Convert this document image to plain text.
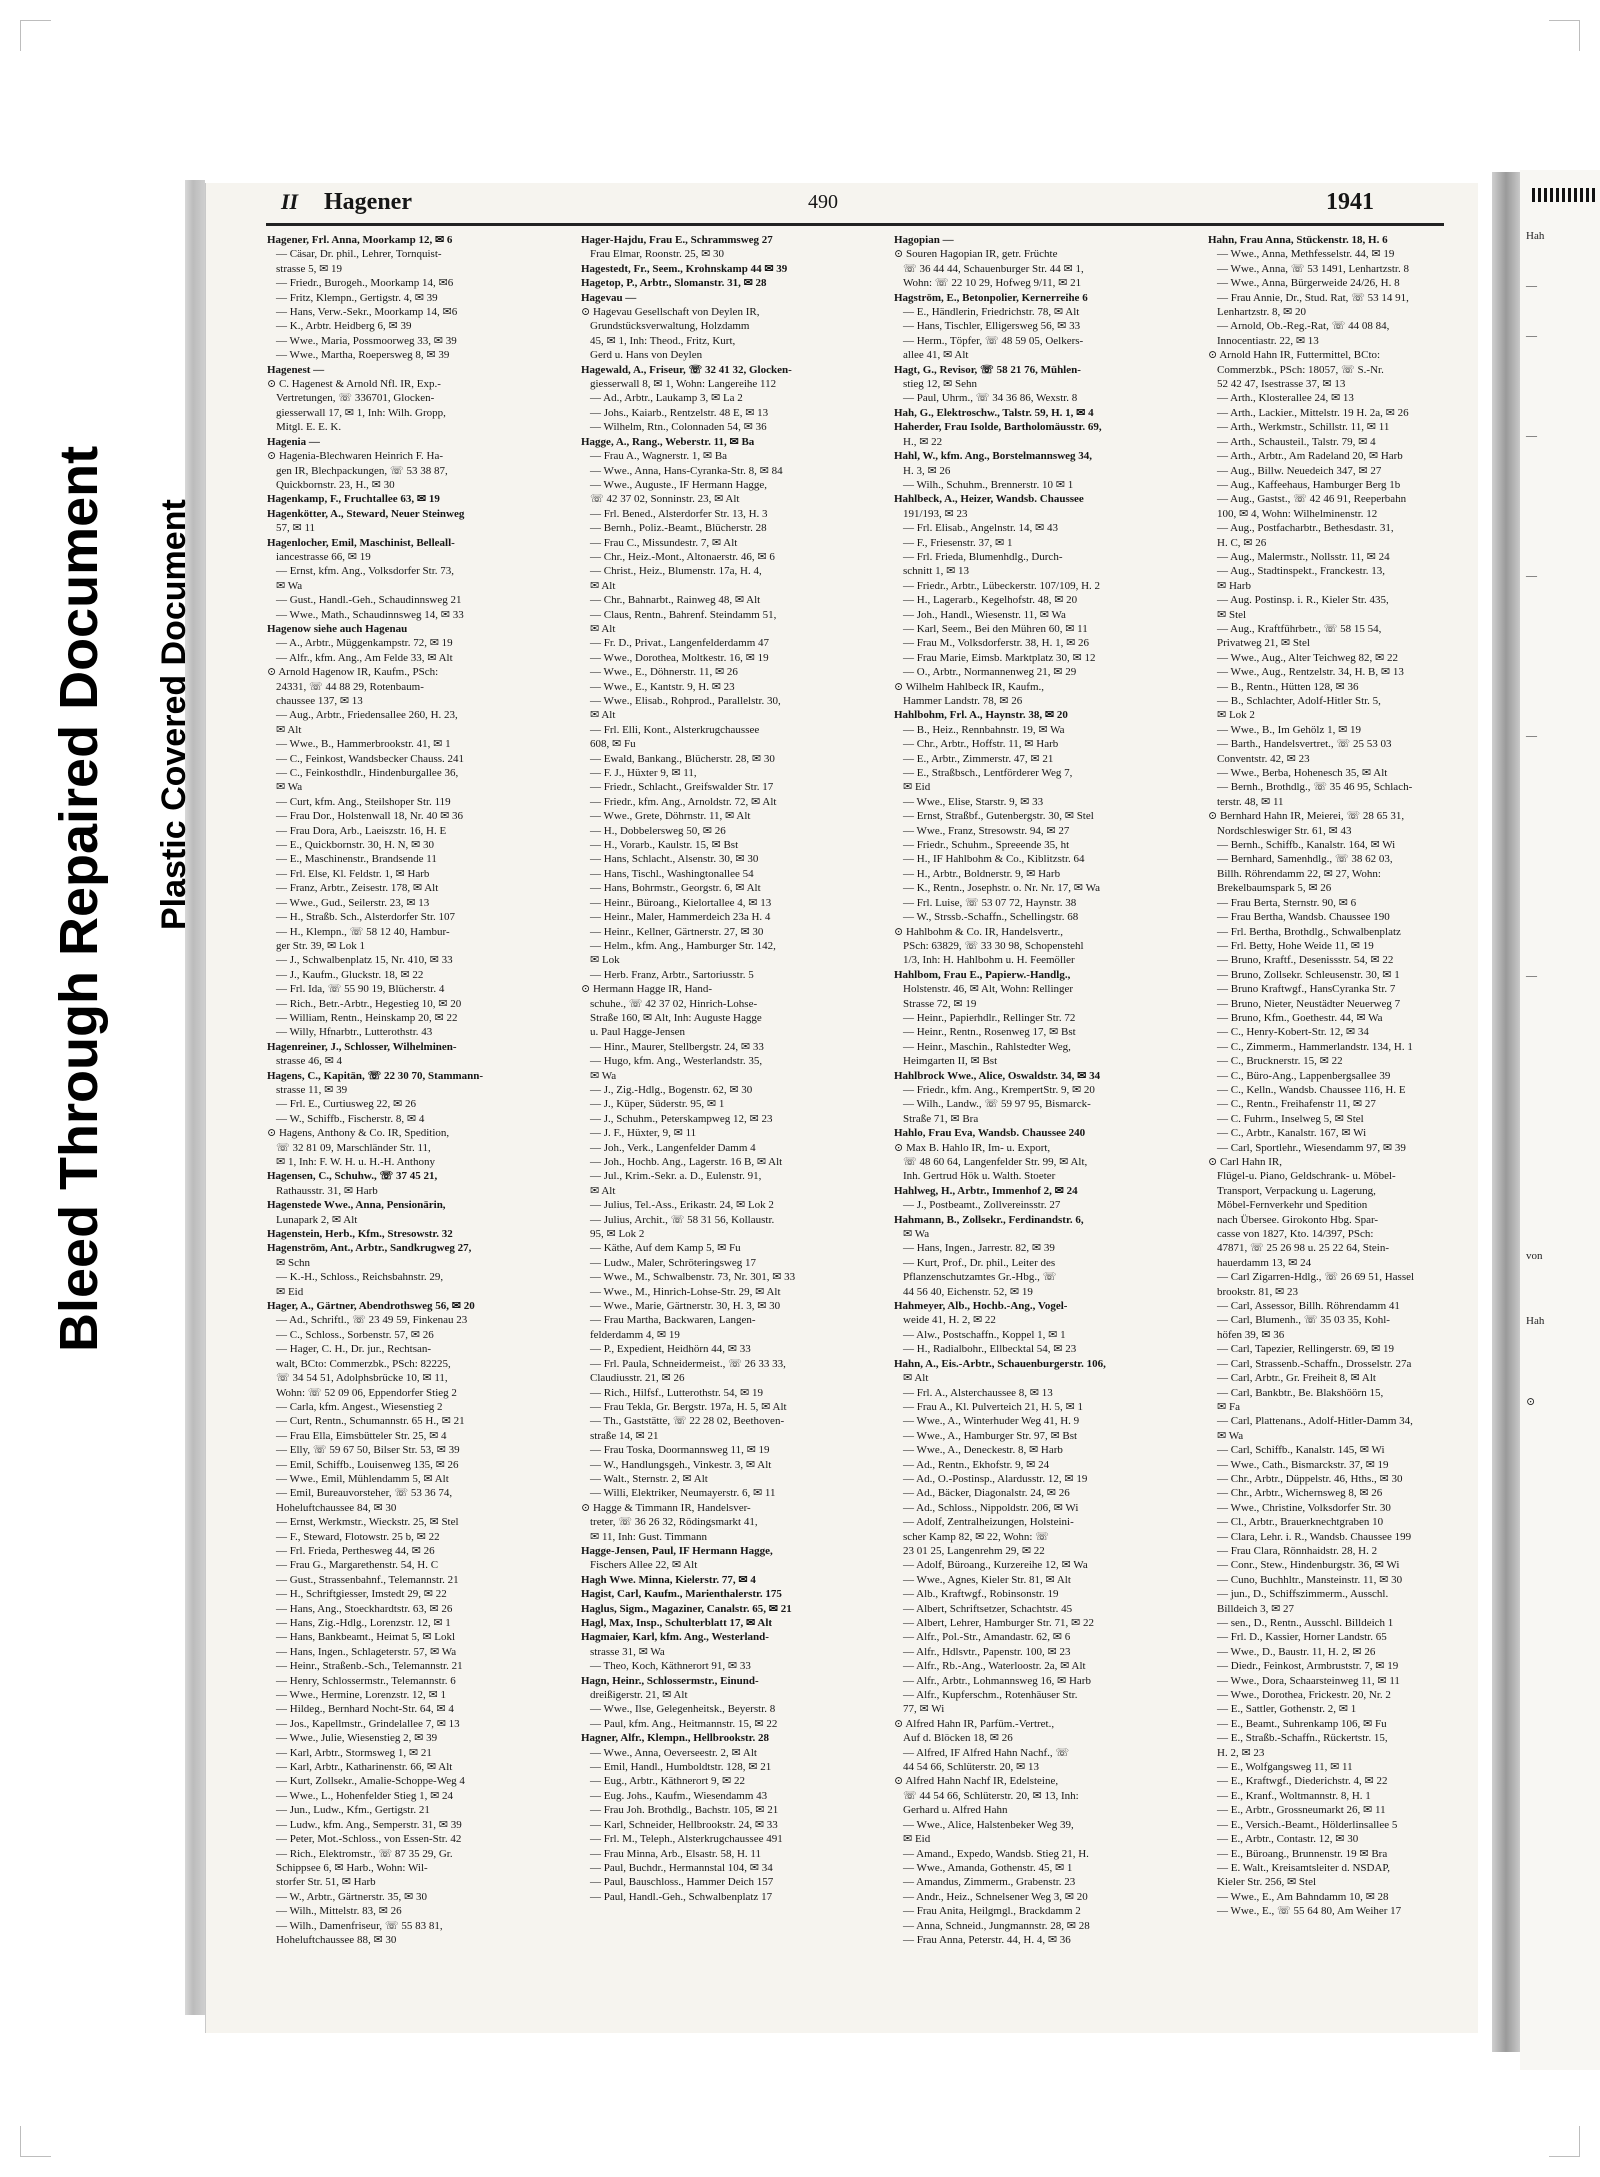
II Hagener	490	1941
Hagener, Frl. Anna, Moorkamp 12, ✉ 6
— Cäsar, Dr. phil., Lehrer, Tornquist-
strasse 5, ✉ 19
— Friedr., Burogeh., Moorkamp 14, ✉6
— Fritz, Klempn., Gertigstr. 4, ✉ 39
— Hans, Verw.-Sekr., Moorkamp 14, ✉6
— K., Arbtr. Heidberg 6, ✉ 39
— Wwe., Maria, Possmoorweg 33, ✉ 39
— Wwe., Martha, Roepersweg 8, ✉ 39
Hagenest —
⊙ C. Hagenest & Arnold Nfl. IR, Exp.-
Vertretungen, ☏ 336701, Glocken-
giesserwall 17, ✉ 1, Inh: Wilh. Gropp,
Mitgl. E. E. K.
Hagenia —
⊙ Hagenia-Blechwaren Heinrich F. Ha-
gen IR, Blechpackungen, ☏ 53 38 87,
Quickbornstr. 23, H., ✉ 30
Hagenkamp, F., Fruchtallee 63, ✉ 19
Hagenkötter, A., Steward, Neuer Steinweg
57, ✉ 11
Hagenlocher, Emil, Maschinist, Belleall-
iancestrasse 66, ✉ 19
— Ernst, kfm. Ang., Volksdorfer Str. 73,
✉ Wa
— Gust., Handl.-Geh., Schaudinnsweg 21
— Wwe., Math., Schaudinnsweg 14, ✉ 33
Hagenow siehe auch Hagenau
— A., Arbtr., Müggenkampstr. 72, ✉ 19
— Alfr., kfm. Ang., Am Felde 33, ✉ Alt
⊙ Arnold Hagenow IR, Kaufm., PSch:
24331, ☏ 44 88 29, Rotenbaum-
chaussee 137, ✉ 13
— Aug., Arbtr., Friedensallee 260, H. 23,
✉ Alt
— Wwe., B., Hammerbrookstr. 41, ✉ 1
— C., Feinkost, Wandsbecker Chauss. 241
— C., Feinkosthdlr., Hindenburgallee 36,
✉ Wa
— Curt, kfm. Ang., Steilshoper Str. 119
— Frau Dor., Holstenwall 18, Nr. 40 ✉ 36
— Frau Dora, Arb., Laeiszstr. 16, H. E
— E., Quickbornstr. 30, H. N, ✉ 30
— E., Maschinenstr., Brandsende 11
— Frl. Else, Kl. Feldstr. 1, ✉ Harb
— Franz, Arbtr., Zeisestr. 178, ✉ Alt
— Wwe., Gud., Seilerstr. 23, ✉ 13
— H., Straßb. Sch., Alsterdorfer Str. 107
— H., Klempn., ☏ 58 12 40, Hambur-
ger Str. 39, ✉ Lok 1
— J., Schwalbenplatz 15, Nr. 410, ✉ 33
— J., Kaufm., Gluckstr. 18, ✉ 22
— Frl. Ida, ☏ 55 90 19, Blücherstr. 4
— Rich., Betr.-Arbtr., Hegestieg 10, ✉ 20
— William, Rentn., Heinskamp 20, ✉ 22
— Willy, Hfnarbtr., Lutterothstr. 43
Hagenreiner, J., Schlosser, Wilhelminen-
strasse 46, ✉ 4
Hagens, C., Kapitän, ☏ 22 30 70, Stammann-
strasse 11, ✉ 39
— Frl. E., Curtiusweg 22, ✉ 26
— W., Schiffb., Fischerstr. 8, ✉ 4
⊙ Hagens, Anthony & Co. IR, Spedition,
☏ 32 81 09, Marschländer Str. 11,
✉ 1, Inh: F. W. H. u. H.-H. Anthony
Hagensen, C., Schuhw., ☏ 37 45 21,
Rathausstr. 31, ✉ Harb
Hagenstede Wwe., Anna, Pensionärin,
Lunapark 2, ✉ Alt
Hagenstein, Herb., Kfm., Stresowstr. 32
Hagenström, Ant., Arbtr., Sandkrugweg 27,
✉ Schn
— K.-H., Schloss., Reichsbahnstr. 29,
✉ Eid
Hager, A., Gärtner, Abendrothsweg 56, ✉ 20
— Ad., Schriftl., ☏ 23 49 59, Finkenau 23
— C., Schloss., Sorbenstr. 57, ✉ 26
— Hager, C. H., Dr. jur., Rechtsan-
walt, BCto: Commerzbk., PSch: 82225,
☏ 34 54 51, Adolphsbrücke 10, ✉ 11,
Wohn: ☏ 52 09 06, Eppendorfer Stieg 2
— Carla, kfm. Angest., Wiesenstieg 2
— Curt, Rentn., Schumannstr. 65 H., ✉ 21
— Frau Ella, Eimsbütteler Str. 25, ✉ 4
— Elly, ☏ 59 67 50, Bilser Str. 53, ✉ 39
— Emil, Schiffb., Louisenweg 135, ✉ 26
— Wwe., Emil, Mühlendamm 5, ✉ Alt
— Emil, Bureauvorsteher, ☏ 53 36 74,
Hoheluftchaussee 84, ✉ 30
— Ernst, Werkmstr., Wieckstr. 25, ✉ Stel
— F., Steward, Flotowstr. 25 b, ✉ 22
— Frl. Frieda, Perthesweg 44, ✉ 26
— Frau G., Margarethenstr. 54, H. C
— Gust., Strassenbahnf., Telemannstr. 21
— H., Schriftgiesser, Imstedt 29, ✉ 22
— Hans, Ang., Stoeckhardtstr. 63, ✉ 26
— Hans, Zig.-Hdlg., Lorenzstr. 12, ✉ 1
— Hans, Bankbeamt., Heimat 5, ✉ Lokl
— Hans, Ingen., Schlageterstr. 57, ✉ Wa
— Heinr., Straßenb.-Sch., Telemannstr. 21
— Henry, Schlossermstr., Telemannstr. 6
— Wwe., Hermine, Lorenzstr. 12, ✉ 1
— Hildeg., Bernhard Nocht-Str. 64, ✉ 4
— Jos., Kapellmstr., Grindelallee 7, ✉ 13
— Wwe., Julie, Wiesenstieg 2, ✉ 39
— Karl, Arbtr., Stormsweg 1, ✉ 21
— Karl, Arbtr., Katharinenstr. 66, ✉ Alt
— Kurt, Zollsekr., Amalie-Schoppe-Weg 4
— Wwe., L., Hohenfelder Stieg 1, ✉ 24
— Jun., Ludw., Kfm., Gertigstr. 21
— Ludw., kfm. Ang., Semperstr. 31, ✉ 39
— Peter, Mot.-Schloss., von Essen-Str. 42
— Rich., Elektromstr., ☏ 87 35 29, Gr.
Schippsee 6, ✉ Harb., Wohn: Wil-
storfer Str. 51, ✉ Harb
— W., Arbtr., Gärtnerstr. 35, ✉ 30
— Wilh., Mittelstr. 83, ✉ 26
— Wilh., Damenfriseur, ☏ 55 83 81,
Hoheluftchaussee 88, ✉ 30
Hager-Hajdu, Frau E., Schrammsweg 27
Frau Elmar, Roonstr. 25, ✉ 30
Hagestedt, Fr., Seem., Krohnskamp 44 ✉ 39
Hagetop, P., Arbtr., Slomanstr. 31, ✉ 28
Hagevau —
⊙ Hagevau Gesellschaft von Deylen IR,
Grundstücksverwaltung, Holzdamm
45, ✉ 1, Inh: Theod., Fritz, Kurt,
Gerd u. Hans von Deylen
Hagewald, A., Friseur, ☏ 32 41 32, Glocken-
giesserwall 8, ✉ 1, Wohn: Langereihe 112
— Ad., Arbtr., Laukamp 3, ✉ La 2
— Johs., Kaiarb., Rentzelstr. 48 E, ✉ 13
— Wilhelm, Rtn., Colonnaden 54, ✉ 36
Hagge, A., Rang., Weberstr. 11, ✉ Ba
— Frau A., Wagnerstr. 1, ✉ Ba
— Wwe., Anna, Hans-Cyranka-Str. 8, ✉ 84
— Wwe., Auguste., IF Hermann Hagge,
☏ 42 37 02, Sonninstr. 23, ✉ Alt
— Frl. Bened., Alsterdorfer Str. 13, H. 3
— Bernh., Poliz.-Beamt., Blücherstr. 28
— Frau C., Missundestr. 7, ✉ Alt
— Chr., Heiz.-Mont., Altonaerstr. 46, ✉ 6
— Christ., Heiz., Blumenstr. 17a, H. 4,
✉ Alt
— Chr., Bahnarbt., Rainweg 48, ✉ Alt
— Claus, Rentn., Bahrenf. Steindamm 51,
✉ Alt
— Fr. D., Privat., Langenfelderdamm 47
— Wwe., Dorothea, Moltkestr. 16, ✉ 19
— Wwe., E., Döhnerstr. 11, ✉ 26
— Wwe., E., Kantstr. 9, H. ✉ 23
— Wwe., Elisab., Rohprod., Parallelstr. 30,
✉ Alt
— Frl. Elli, Kont., Alsterkrugchaussee
608, ✉ Fu
— Ewald, Bankang., Blücherstr. 28, ✉ 30
— F. J., Hüxter 9, ✉ 11,
— Friedr., Schlacht., Greifswalder Str. 17
— Friedr., kfm. Ang., Arnoldstr. 72, ✉ Alt
— Wwe., Grete, Döhrnstr. 11, ✉ Alt
— H., Dobbelersweg 50, ✉ 26
— H., Vorarb., Kaulstr. 15, ✉ Bst
— Hans, Schlacht., Alsenstr. 30, ✉ 30
— Hans, Tischl., Washingtonallee 54
— Hans, Bohrmstr., Georgstr. 6, ✉ Alt
— Heinr., Büroang., Kielortallee 4, ✉ 13
— Heinr., Maler, Hammerdeich 23a H. 4
— Heinr., Kellner, Gärtnerstr. 27, ✉ 30
— Helm., kfm. Ang., Hamburger Str. 142,
✉ Lok
— Herb. Franz, Arbtr., Sartoriusstr. 5
⊙ Hermann Hagge IR, Hand-
schuhe., ☏ 42 37 02, Hinrich-Lohse-
Straße 160, ✉ Alt, Inh: Auguste Hagge
u. Paul Hagge-Jensen
— Hinr., Maurer, Stellbergstr. 24, ✉ 33
— Hugo, kfm. Ang., Westerlandstr. 35,
✉ Wa
— J., Zig.-Hdlg., Bogenstr. 62, ✉ 30
— J., Küper, Süderstr. 95, ✉ 1
— J., Schuhm., Peterskampweg 12, ✉ 23
— J. F., Hüxter, 9, ✉ 11
— Joh., Verk., Langenfelder Damm 4
— Joh., Hochb. Ang., Lagerstr. 16 B, ✉ Alt
— Jul., Krim.-Sekr. a. D., Eulenstr. 91,
✉ Alt
— Julius, Tel.-Ass., Erikastr. 24, ✉ Lok 2
— Julius, Archit., ☏ 58 31 56, Kollaustr.
95, ✉ Lok 2
— Käthe, Auf dem Kamp 5, ✉ Fu
— Ludw., Maler, Schröteringsweg 17
— Wwe., M., Schwalbenstr. 73, Nr. 301, ✉ 33
— Wwe., M., Hinrich-Lohse-Str. 29, ✉ Alt
— Wwe., Marie, Gärtnerstr. 30, H. 3, ✉ 30
— Frau Martha, Backwaren, Langen-
felderdamm 4, ✉ 19
— P., Expedient, Heidhörn 44, ✉ 33
— Frl. Paula, Schneidermeist., ☏ 26 33 33,
Claudiusstr. 21, ✉ 26
— Rich., Hilfsf., Lutterothstr. 54, ✉ 19
— Frau Tekla, Gr. Bergstr. 197a, H. 5, ✉ Alt
— Th., Gaststätte, ☏ 22 28 02, Beethoven-
straße 14, ✉ 21
— Frau Toska, Doormannsweg 11, ✉ 19
— W., Handlungsgeh., Vinkestr. 3, ✉ Alt
— Walt., Sternstr. 2, ✉ Alt
— Willi, Elektriker, Neumayerstr. 6, ✉ 11
⊙ Hagge & Timmann IR, Handelsver-
treter, ☏ 36 26 32, Rödingsmarkt 41,
✉ 11, Inh: Gust. Timmann
Hagge-Jensen, Paul, IF Hermann Hagge,
Fischers Allee 22, ✉ Alt
Hagh Wwe. Minna, Kielerstr. 77, ✉ 4
Hagist, Carl, Kaufm., Marienthalerstr. 175
Haglus, Sigm., Magaziner, Canalstr. 65, ✉ 21
Hagl, Max, Insp., Schulterblatt 17, ✉ Alt
Hagmaier, Karl, kfm. Ang., Westerland-
strasse 31, ✉ Wa
— Theo, Koch, Käthnerort 91, ✉ 33
Hagn, Heinr., Schlossermstr., Einund-
dreißigerstr. 21, ✉ Alt
— Wwe., Ilse, Gelegenheitsk., Beyerstr. 8
— Paul, kfm. Ang., Heitmannstr. 15, ✉ 22
Hagner, Alfr., Klempn., Hellbrookstr. 28
— Wwe., Anna, Oeverseestr. 2, ✉ Alt
— Emil, Handl., Humboldtstr. 128, ✉ 21
— Eug., Arbtr., Käthnerort 9, ✉ 22
— Eug. Johs., Kaufm., Wiesendamm 43
— Frau Joh. Brothdlg., Bachstr. 105, ✉ 21
— Karl, Schneider, Hellbrookstr. 24, ✉ 33
— Frl. M., Teleph., Alsterkrugchaussee 491
— Frau Minna, Arb., Elsastr. 58, H. 11
— Paul, Buchdr., Hermannstal 104, ✉ 34
— Paul, Bauschloss., Hammer Deich 157
— Paul, Handl.-Geh., Schwalbenplatz 17
Hagopian —
⊙ Souren Hagopian IR, getr. Früchte
☏ 36 44 44, Schauenburger Str. 44 ✉ 1,
Wohn: ☏ 22 10 29, Hofweg 9/11, ✉ 21
Hagström, E., Betonpolier, Kernerreihe 6
— E., Händlerin, Friedrichstr. 78, ✉ Alt
— Hans, Tischler, Elligersweg 56, ✉ 33
— Herm., Töpfer, ☏ 48 59 05, Oelkers-
allee 41, ✉ Alt
Hagt, G., Revisor, ☏ 58 21 76, Mühlen-
stieg 12, ✉ Sehn
— Paul, Uhrm., ☏ 34 36 86, Wexstr. 8
Hah, G., Elektroschw., Talstr. 59, H. 1, ✉ 4
Haherder, Frau Isolde, Bartholomäusstr. 69,
H., ✉ 22
Hahl, W., kfm. Ang., Borstelmannsweg 34,
H. 3, ✉ 26
— Wilh., Schuhm., Brennerstr. 10 ✉ 1
Hahlbeck, A., Heizer, Wandsb. Chaussee
191/193, ✉ 23
— Frl. Elisab., Angelnstr. 14, ✉ 43
— F., Friesenstr. 37, ✉ 1
— Frl. Frieda, Blumenhdlg., Durch-
schnitt 1, ✉ 13
— Friedr., Arbtr., Lübeckerstr. 107/109, H. 2
— H., Lagerarb., Kegelhofstr. 48, ✉ 20
— Joh., Handl., Wiesenstr. 11, ✉ Wa
— Karl, Seem., Bei den Mühren 60, ✉ 11
— Frau M., Volksdorferstr. 38, H. 1, ✉ 26
— Frau Marie, Eimsb. Marktplatz 30, ✉ 12
— O., Arbtr., Normannenweg 21, ✉ 29
⊙ Wilhelm Hahlbeck IR, Kaufm.,
Hammer Landstr. 78, ✉ 26
Hahlbohm, Frl. A., Haynstr. 38, ✉ 20
— B., Heiz., Rennbahnstr. 19, ✉ Wa
— Chr., Arbtr., Hoffstr. 11, ✉ Harb
— E., Arbtr., Zimmerstr. 47, ✉ 21
— E., Straßbsch., Lentförderer Weg 7,
✉ Eid
— Wwe., Elise, Starstr. 9, ✉ 33
— Ernst, Straßbf., Gutenbergstr. 30, ✉ Stel
— Wwe., Franz, Stresowstr. 94, ✉ 27
— Friedr., Schuhm., Spreeende 35, ht
— H., IF Hahlbohm & Co., Kiblitzstr. 64
— H., Arbtr., Boldnerstr. 9, ✉ Harb
— K., Rentn., Josephstr. o. Nr. Nr. 17, ✉ Wa
— Frl. Luise, ☏ 53 07 72, Haynstr. 38
— W., Strssb.-Schaffn., Schellingstr. 68
⊙ Hahlbohm & Co. IR, Handelsvertr.,
PSch: 63829, ☏ 33 30 98, Schopenstehl
1/3, Inh: H. Hahlbohm u. H. Feemöller
Hahlbom, Frau E., Papierw.-Handlg.,
Holstenstr. 46, ✉ Alt, Wohn: Rellinger
Strasse 72, ✉ 19
— Heinr., Papierhdlr., Rellinger Str. 72
— Heinr., Rentn., Rosenweg 17, ✉ Bst
— Heinr., Maschin., Rahlstedter Weg,
Heimgarten II, ✉ Bst
Hahlbrock Wwe., Alice, Oswaldstr. 34, ✉ 34
— Friedr., kfm. Ang., KrempertStr. 9, ✉ 20
— Wilh., Landw., ☏ 59 97 95, Bismarck-
Straße 71, ✉ Bra
Hahlo, Frau Eva, Wandsb. Chaussee 240
⊙ Max B. Hahlo IR, Im- u. Export,
☏ 48 60 64, Langenfelder Str. 99, ✉ Alt,
Inh. Gertrud Hök u. Walth. Stoeter
Hahlweg, H., Arbtr., Immenhof 2, ✉ 24
— J., Postbeamt., Zollvereinsstr. 27
Hahmann, B., Zollsekr., Ferdinandstr. 6,
✉ Wa
— Hans, Ingen., Jarrestr. 82, ✉ 39
— Kurt, Prof., Dr. phil., Leiter des
Pflanzenschutzamtes Gr.-Hbg., ☏
44 56 40, Eichenstr. 52, ✉ 19
Hahmeyer, Alb., Hochb.-Ang., Vogel-
weide 41, H. 2, ✉ 22
— Alw., Postschaffn., Koppel 1, ✉ 1
— H., Radialbohr., Ellbecktal 54, ✉ 23
Hahn, A., Eis.-Arbtr., Schauenburgerstr. 106,
✉ Alt
— Frl. A., Alsterchaussee 8, ✉ 13
— Frau A., Kl. Pulverteich 21, H. 5, ✉ 1
— Wwe., A., Winterhuder Weg 41, H. 9
— Wwe., A., Hamburger Str. 97, ✉ Bst
— Wwe., A., Deneckestr. 8, ✉ Harb
— Ad., Rentn., Ekhofstr. 9, ✉ 24
— Ad., O.-Postinsp., Alardusstr. 12, ✉ 19
— Ad., Bäcker, Diagonalstr. 24, ✉ 26
— Ad., Schloss., Nippoldstr. 206, ✉ Wi
— Adolf, Zentralheizungen, Holsteini-
scher Kamp 82, ✉ 22, Wohn: ☏
23 01 25, Langenrehm 29, ✉ 22
— Adolf, Büroang., Kurzereihe 12, ✉ Wa
— Wwe., Agnes, Kieler Str. 81, ✉ Alt
— Alb., Kraftwgf., Robinsonstr. 19
— Albert, Schriftsetzer, Schachtstr. 45
— Albert, Lehrer, Hamburger Str. 71, ✉ 22
— Alfr., Pol.-Str., Amandastr. 62, ✉ 6
— Alfr., Hdlsvtr., Papenstr. 100, ✉ 23
— Alfr., Rb.-Ang., Waterloostr. 2a, ✉ Alt
— Alfr., Arbtr., Lohmannsweg 16, ✉ Harb
— Alfr., Kupferschm., Rotenhäuser Str.
77, ✉ Wi
⊙ Alfred Hahn IR, Parfüm.-Vertret.,
Auf d. Blöcken 18, ✉ 26
— Alfred, IF Alfred Hahn Nachf., ☏
44 54 66, Schlüterstr. 20, ✉ 13
⊙ Alfred Hahn Nachf IR, Edelsteine,
☏ 44 54 66, Schlüterstr. 20, ✉ 13, Inh:
Gerhard u. Alfred Hahn
— Wwe., Alice, Halstenbeker Weg 39,
✉ Eid
— Amand., Expedo, Wandsb. Stieg 21, H.
— Wwe., Amanda, Gothenstr. 45, ✉ 1
— Amandus, Zimmerm., Grabenstr. 23
— Andr., Heiz., Schnelsener Weg 3, ✉ 20
— Frau Anita, Heilgmgl., Brackdamm 2
— Anna, Schneid., Jungmannstr. 28, ✉ 28
— Frau Anna, Peterstr. 44, H. 4, ✉ 36
Hahn, Frau Anna, Stückenstr. 18, H. 6
— Wwe., Anna, Methfesselstr. 44, ✉ 19
— Wwe., Anna, ☏ 53 1491, Lenhartzstr. 8
— Wwe., Anna, Bürgerweide 24/26, H. 8
— Frau Annie, Dr., Stud. Rat, ☏ 53 14 91,
Lenhartzstr. 8, ✉ 20
— Arnold, Ob.-Reg.-Rat, ☏ 44 08 84,
Innocentiastr. 22, ✉ 13
⊙ Arnold Hahn IR, Futtermittel, BCto:
Commerzbk., PSch: 18057, ☏ S.-Nr.
52 42 47, Isestrasse 37, ✉ 13
— Arth., Klosterallee 24, ✉ 13
— Arth., Lackier., Mittelstr. 19 H. 2a, ✉ 26
— Arth., Werkmstr., Schillstr. 11, ✉ 11
— Arth., Schausteil., Talstr. 79, ✉ 4
— Arth., Arbtr., Am Radeland 20, ✉ Harb
— Aug., Billw. Neuedeich 347, ✉ 27
— Aug., Kaffeehaus, Hamburger Berg 1b
— Aug., Gastst., ☏ 42 46 91, Reeperbahn
100, ✉ 4, Wohn: Wilhelminenstr. 12
— Aug., Postfacharbtr., Bethesdastr. 31,
H. C, ✉ 26
— Aug., Malermstr., Nollsstr. 11, ✉ 24
— Aug., Stadtinspekt., Franckestr. 13,
✉ Harb
— Aug. Postinsp. i. R., Kieler Str. 435,
✉ Stel
— Aug., Kraftführbetr., ☏ 58 15 54,
Privatweg 21, ✉ Stel
— Wwe., Aug., Alter Teichweg 82, ✉ 22
— Wwe., Aug., Rentzelstr. 34, H. B, ✉ 13
— B., Rentn., Hütten 128, ✉ 36
— B., Schlachter, Adolf-Hitler Str. 5,
✉ Lok 2
— Wwe., B., Im Gehölz 1, ✉ 19
— Barth., Handelsvertret., ☏ 25 53 03
Conventstr. 42, ✉ 23
— Wwe., Berba, Hohenesch 35, ✉ Alt
— Bernh., Brothdlg., ☏ 35 46 95, Schlach-
terstr. 48, ✉ 11
⊙ Bernhard Hahn IR, Meierei, ☏ 28 65 31,
Nordschleswiger Str. 61, ✉ 43
— Bernh., Schiffb., Kanalstr. 164, ✉ Wi
— Bernhard, Samenhdlg., ☏ 38 62 03,
Billh. Röhrendamm 22, ✉ 27, Wohn:
Brekelbaumspark 5, ✉ 26
— Frau Berta, Sternstr. 90, ✉ 6
— Frau Bertha, Wandsb. Chaussee 190
— Frl. Bertha, Brothdlg., Schwalbenplatz
— Frl. Betty, Hohe Weide 11, ✉ 19
— Bruno, Kraftf., Desenissstr. 54, ✉ 22
— Bruno, Zollsekr. Schleusenstr. 30, ✉ 1
— Bruno Kraftwgf., HansCyranka Str. 7
— Bruno, Nieter, Neustädter Neuerweg 7
— Bruno, Kfm., Goethestr. 44, ✉ Wa
— C., Henry-Kobert-Str. 12, ✉ 34
— C., Zimmerm., Hammerlandstr. 134, H. 1
— C., Brucknerstr. 15, ✉ 22
— C., Büro-Ang., Lappenbergsallee 39
— C., Kelln., Wandsb. Chaussee 116, H. E
— C., Rentn., Freihafenstr 11, ✉ 27
— C. Fuhrm., Inselweg 5, ✉ Stel
— C., Arbtr., Kanalstr. 167, ✉ Wi
— Carl, Sportlehr., Wiesendamm 97, ✉ 39
⊙ Carl Hahn IR,
Flügel-u. Piano, Geldschrank- u. Möbel-
Transport, Verpackung u. Lagerung,
Möbel-Fernverkehr und Spedition
nach Übersee. Girokonto Hbg. Spar-
casse von 1827, Kto. 14/397, PSch:
47871, ☏ 25 26 98 u. 25 22 64, Stein-
hauerdamm 13, ✉ 24
— Carl Zigarren-Hdlg., ☏ 26 69 51, Hassel
brookstr. 81, ✉ 23
— Carl, Assessor, Billh. Röhrendamm 41
— Carl, Blumenh., ☏ 35 03 35, Kohl-
höfen 39, ✉ 36
— Carl, Tapezier, Rellingerstr. 69, ✉ 19
— Carl, Strassenb.-Schaffn., Drosselstr. 27a
— Carl, Arbtr., Gr. Freiheit 8, ✉ Alt
— Carl, Bankbtr., Be. Blakshöörn 15,
✉ Fa
— Carl, Plattenans., Adolf-Hitler-Damm 34,
✉ Wa
— Carl, Schiffb., Kanalstr. 145, ✉ Wi
— Wwe., Cath., Bismarckstr. 37, ✉ 19
— Chr., Arbtr., Düppelstr. 46, Hths., ✉ 30
— Chr., Arbtr., Wichernsweg 8, ✉ 26
— Wwe., Christine, Volksdorfer Str. 30
— Cl., Arbtr., Brauerknechtgraben 10
— Clara, Lehr. i. R., Wandsb. Chaussee 199
— Frau Clara, Rönnhaidstr. 28, H. 2
— Conr., Stew., Hindenburgstr. 36, ✉ Wi
— Cuno, Buchhltr., Mansteinstr. 11, ✉ 30
— jun., D., Schiffszimmerm., Ausschl.
Billdeich 3, ✉ 27
— sen., D., Rentn., Ausschl. Billdeich 1
— Frl. D., Kassier, Horner Landstr. 65
— Wwe., D., Baustr. 11, H. 2, ✉ 26
— Diedr., Feinkost, Armbruststr. 7, ✉ 19
— Wwe., Dora, Schaarsteinweg 11, ✉ 11
— Wwe., Dorothea, Frickestr. 20, Nr. 2
— E., Sattler, Gothenstr. 2, ✉ 1
— E., Beamt., Suhrenkamp 106, ✉ Fu
— E., Straßb.-Schaffn., Rückertstr. 15,
H. 2, ✉ 23
— E., Wolfgangsweg 11, ✉ 11
— E., Kraftwgf., Diederichstr. 4, ✉ 22
— E., Kranf., Woltmannstr. 8, H. 1
— E., Arbtr., Grossneumarkt 26, ✉ 11
— E., Versich.-Beamt., Hölderlinsallee 5
— E., Arbtr., Contastr. 12, ✉ 30
— E., Büroang., Brunnenstr. 19 ✉ Bra
— E. Walt., Kreisamtsleiter d. NSDAP,
Kieler Str. 256, ✉ Stel
— Wwe., E., Am Bahndamm 10, ✉ 28
— Wwe., E., ☏ 55 64 80, Am Weiher 17
Hah
—
—
—
—
—
—
von
Hah
⊙
Bleed Through Repaired Document Plastic Covered Document
